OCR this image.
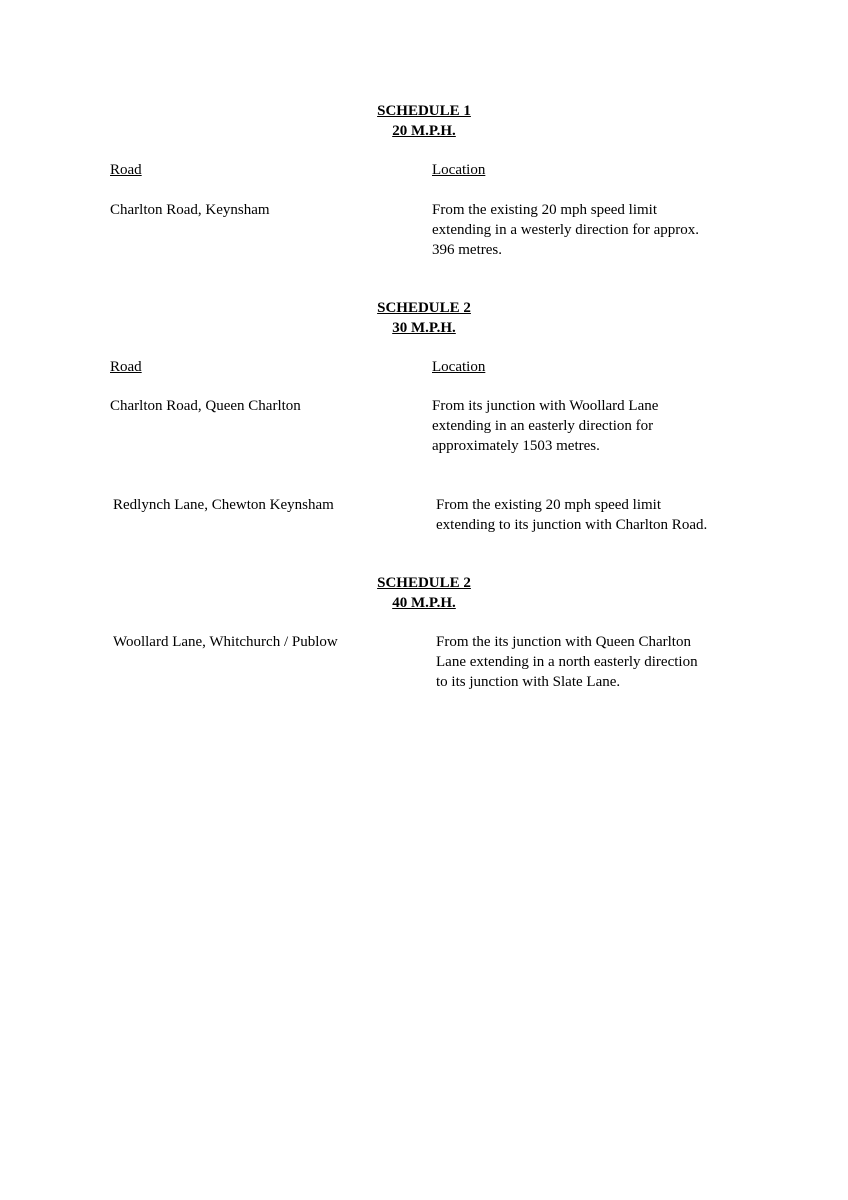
SCHEDULE 1
20 M.P.H.
Road	Location
Charlton Road, Keynsham	From the existing 20 mph speed limit
extending in a westerly direction for approx.
396 metres.
SCHEDULE 2
30 M.P.H.
Road	Location
Charlton Road, Queen Charlton	From its junction with Woollard Lane
extending in an easterly direction for
approximately 1503 metres.
Redlynch Lane, Chewton Keynsham	From the existing 20 mph speed limit
extending to its junction with Charlton Road.
SCHEDULE 2
40 M.P.H.
Woollard Lane, Whitchurch / Publow	From the its junction with Queen Charlton
Lane extending in a north easterly direction
to its junction with Slate Lane.
